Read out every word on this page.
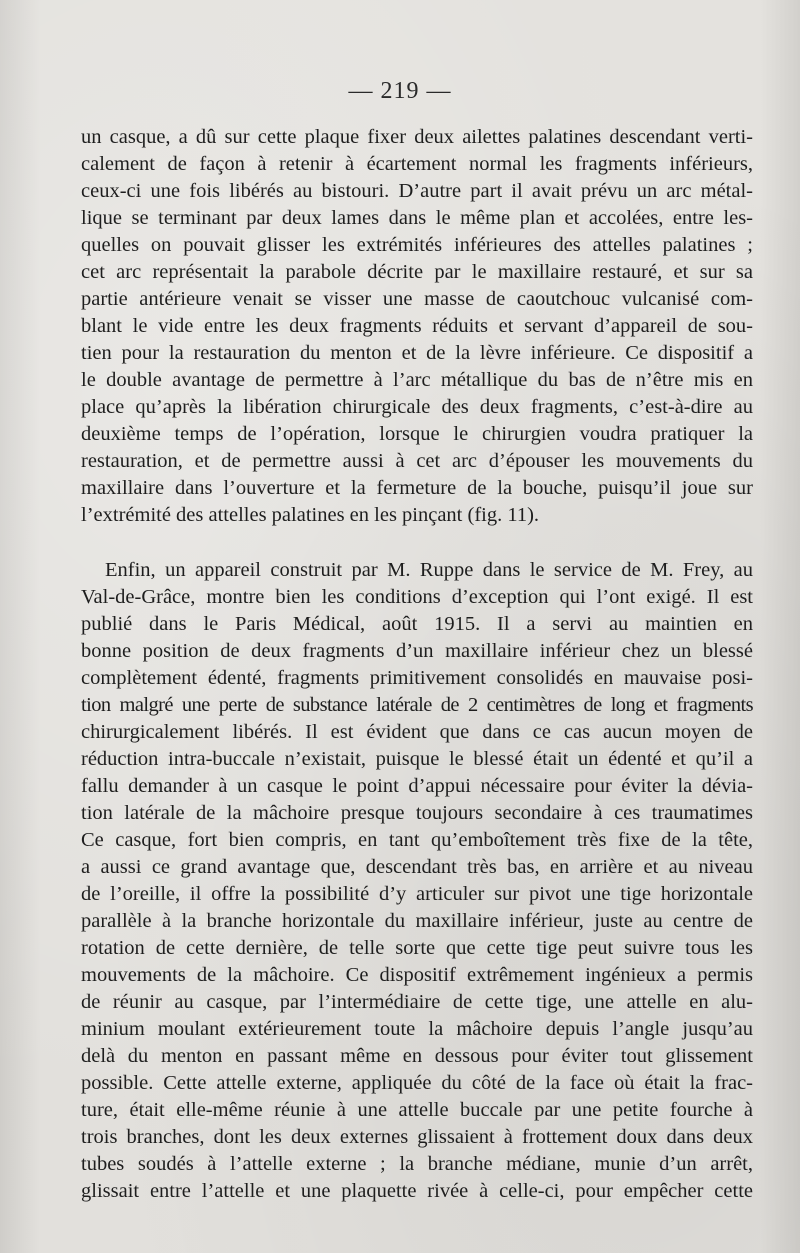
— 219 —

un casque, a dû sur cette plaque fixer deux ailettes palatines descendant verti-

calement de façon à retenir à écartement normal les fragments inférieurs,

ceux-ci une fois libérés au bistouri. D’autre part il avait prévu un arc métal-

lique se terminant par deux lames dans le même plan et accolées, entre les-

quelles on pouvait glisser les extrémités inférieures des attelles palatines ;

cet arc représentait la parabole décrite par le maxillaire restauré, et sur sa

partie antérieure venait se visser une masse de caoutchouc vulcanisé com-

blant le vide entre les deux fragments réduits et servant d’appareil de sou-

tien pour la restauration du menton et de la lèvre inférieure. Ce dispositif a

le double avantage de permettre à l’arc métallique du bas de n’être mis en

place qu’après la libération chirurgicale des deux fragments, c’est-à-dire au

deuxième temps de l’opération, lorsque le chirurgien voudra pratiquer la

restauration, et de permettre aussi à cet arc d’épouser les mouvements du

maxillaire dans l’ouverture et la fermeture de la bouche, puisqu’il joue sur

l’extrémité des attelles palatines en les pinçant (fig. 11).

Enfin, un appareil construit par M. Ruppe dans le service de M. Frey, au

Val-de-Grâce, montre bien les conditions d’exception qui l’ont exigé. Il est

publié dans le Paris Médical, août 1915. Il a servi au maintien en

bonne position de deux fragments d’un maxillaire inférieur chez un blessé

complètement édenté, fragments primitivement consolidés en mauvaise posi-

tion malgré une perte de substance latérale de 2 centimètres de long et fragments

chirurgicalement libérés. Il est évident que dans ce cas aucun moyen de

réduction intra-buccale n’existait, puisque le blessé était un édenté et qu’il a

fallu demander à un casque le point d’appui nécessaire pour éviter la dévia-

tion latérale de la mâchoire presque toujours secondaire à ces traumatimes

Ce casque, fort bien compris, en tant qu’emboîtement très fixe de la tête,

a aussi ce grand avantage que, descendant très bas, en arrière et au niveau

de l’oreille, il offre la possibilité d’y articuler sur pivot une tige horizontale

parallèle à la branche horizontale du maxillaire inférieur, juste au centre de

rotation de cette dernière, de telle sorte que cette tige peut suivre tous les

mouvements de la mâchoire. Ce dispositif extrêmement ingénieux a permis

de réunir au casque, par l’intermédiaire de cette tige, une attelle en alu-

minium moulant extérieurement toute la mâchoire depuis l’angle jusqu’au

delà du menton en passant même en dessous pour éviter tout glissement

possible. Cette attelle externe, appliquée du côté de la face où était la frac-

ture, était elle-même réunie à une attelle buccale par une petite fourche à

trois branches, dont les deux externes glissaient à frottement doux dans deux

tubes soudés à l’attelle externe ; la branche médiane, munie d’un arrêt,

glissait entre l’attelle et une plaquette rivée à celle-ci, pour empêcher cette
